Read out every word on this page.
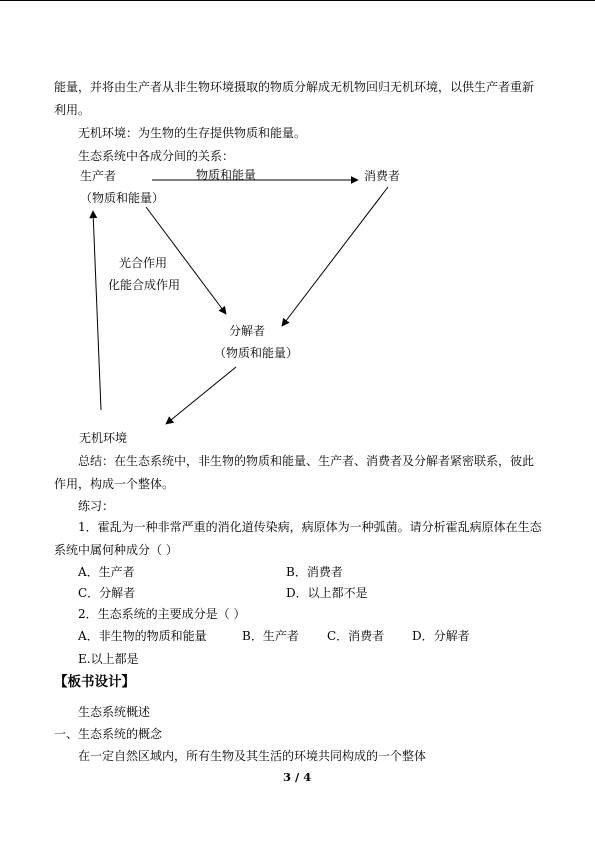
能量，并将由生产者从非生物环境摄取的物质分解成无机物回归无机环境，以供生产者重新
利用。
无机环境：为生物的生存提供物质和能量。
生态系统中各成分间的关系：
生产者	物质和能量	消费者
（物质和能量）
光合作用
化能合成作用
分解者
（物质和能量）
无机环境
总结：在生态系统中，非生物的物质和能量、生产者、消费者及分解者紧密联系，彼此
作用，构成一个整体。
练习：
1．霍乱为一种非常严重的消化道传染病，病原体为一种弧菌。请分析霍乱病原体在生态
系统中属何种成分（ ）
A．生产者	B．消费者
C．分解者	D．以上都不是
2．生态系统的主要成分是（ ）
A．非生物的物质和能量	B．生产者 C．消费者 D．分解者
E.以上都是
【板书设计】
生态系统概述
一、生态系统的概念
在一定自然区域内，所有生物及其生活的环境共同构成的一个整体
3 / 4
